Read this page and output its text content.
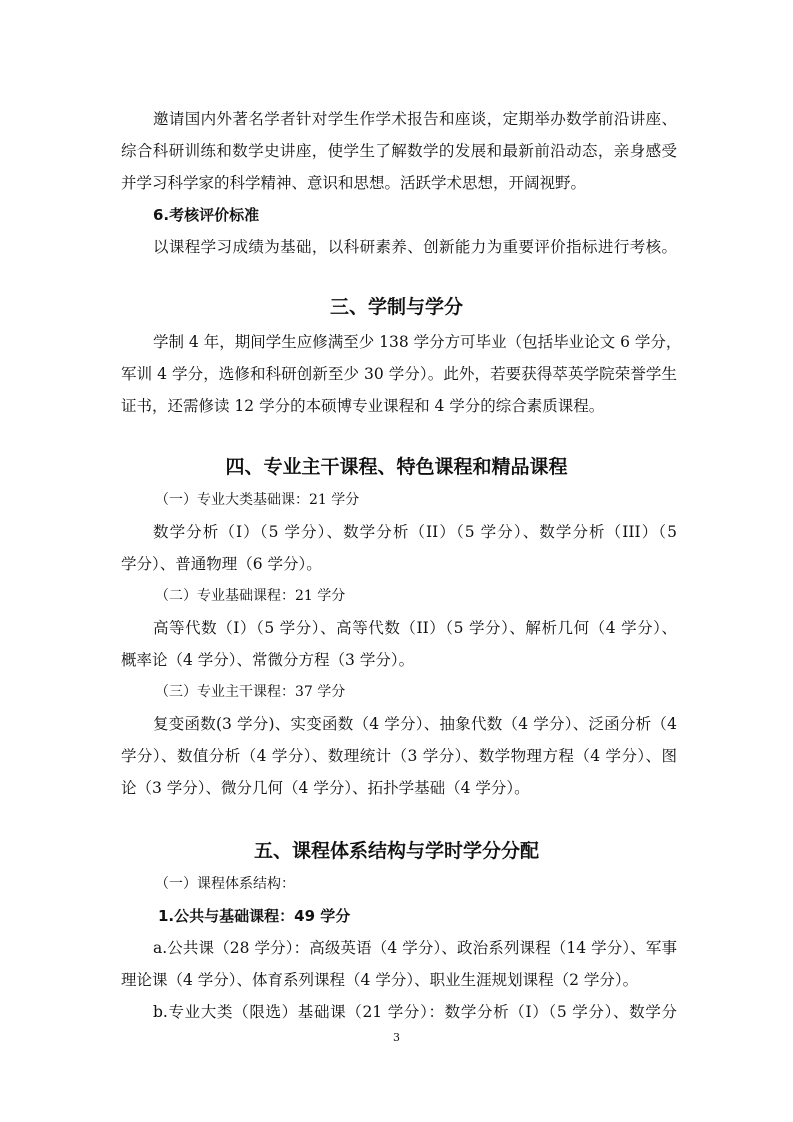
邀请国内外著名学者针对学生作学术报告和座谈，定期举办数学前沿讲座、
综合科研训练和数学史讲座，使学生了解数学的发展和最新前沿动态，亲身感受
并学习科学家的科学精神、意识和思想。活跃学术思想，开阔视野。
6.考核评价标准
以课程学习成绩为基础，以科研素养、创新能力为重要评价指标进行考核。
三、学制与学分
学制 4 年，期间学生应修满至少 138 学分方可毕业（包括毕业论文 6 学分，
军训 4 学分，选修和科研创新至少 30 学分）。此外，若要获得萃英学院荣誉学生
证书，还需修读 12 学分的本硕博专业课程和 4 学分的综合素质课程。
四、专业主干课程、特色课程和精品课程
（一）专业大类基础课：21 学分
数学分析（I）（5 学分）、数学分析（II）（5 学分）、数学分析（III）（5
学分）、普通物理（6 学分）。
（二）专业基础课程：21 学分
高等代数（I）（5 学分）、高等代数（II）（5 学分）、解析几何（4 学分）、
概率论（4 学分）、常微分方程（3 学分）。
（三）专业主干课程：37 学分
复变函数(3 学分)、实变函数（4 学分）、抽象代数（4 学分）、泛函分析（4
学分）、数值分析（4 学分）、数理统计（3 学分）、数学物理方程（4 学分）、图
论（3 学分）、微分几何（4 学分）、拓扑学基础（4 学分）。
五、课程体系结构与学时学分分配
（一）课程体系结构：
1.公共与基础课程：49 学分
a.公共课（28 学分）：高级英语（4 学分）、政治系列课程（14 学分）、军事
理论课（4 学分）、体育系列课程（4 学分）、职业生涯规划课程（2 学分）。
b.专业大类（限选）基础课（21 学分）：数学分析（I）（5 学分）、数学分
3
